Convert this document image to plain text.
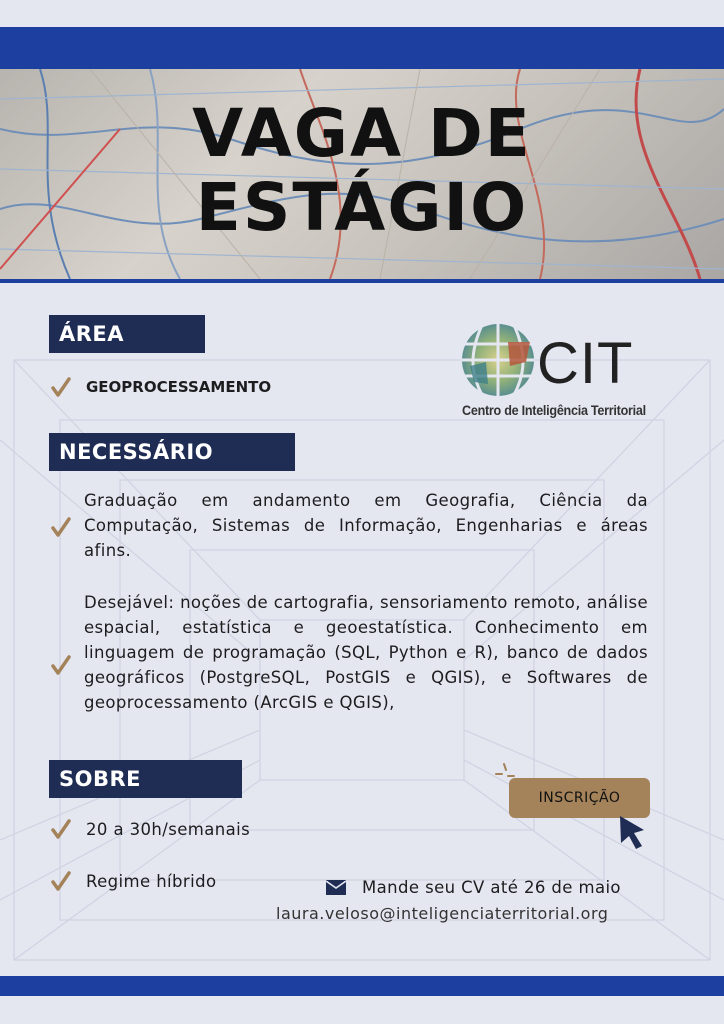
VAGA DE
ESTÁGIO
ÁREA
GEOPROCESSAMENTO	CIT
Centro de Inteligência Territorial
NECESSÁRIO
Graduação em andamento em Geografia, Ciência da Computação, Sistemas de Informação, Engenharias e áreas afins.
Desejável: noções de cartografia, sensoriamento remoto, análise espacial, estatística e geoestatística. Conhecimento em linguagem de programação (SQL, Python e R), banco de dados geográficos (PostgreSQL, PostGIS e QGIS), e Softwares de geoprocessamento (ArcGIS e QGIS),
SOBRE
20 a 30h/semanais
Regime híbrido
INSCRIÇÃO
Mande seu CV até 26 de maio
laura.veloso@inteligenciaterritorial.org
